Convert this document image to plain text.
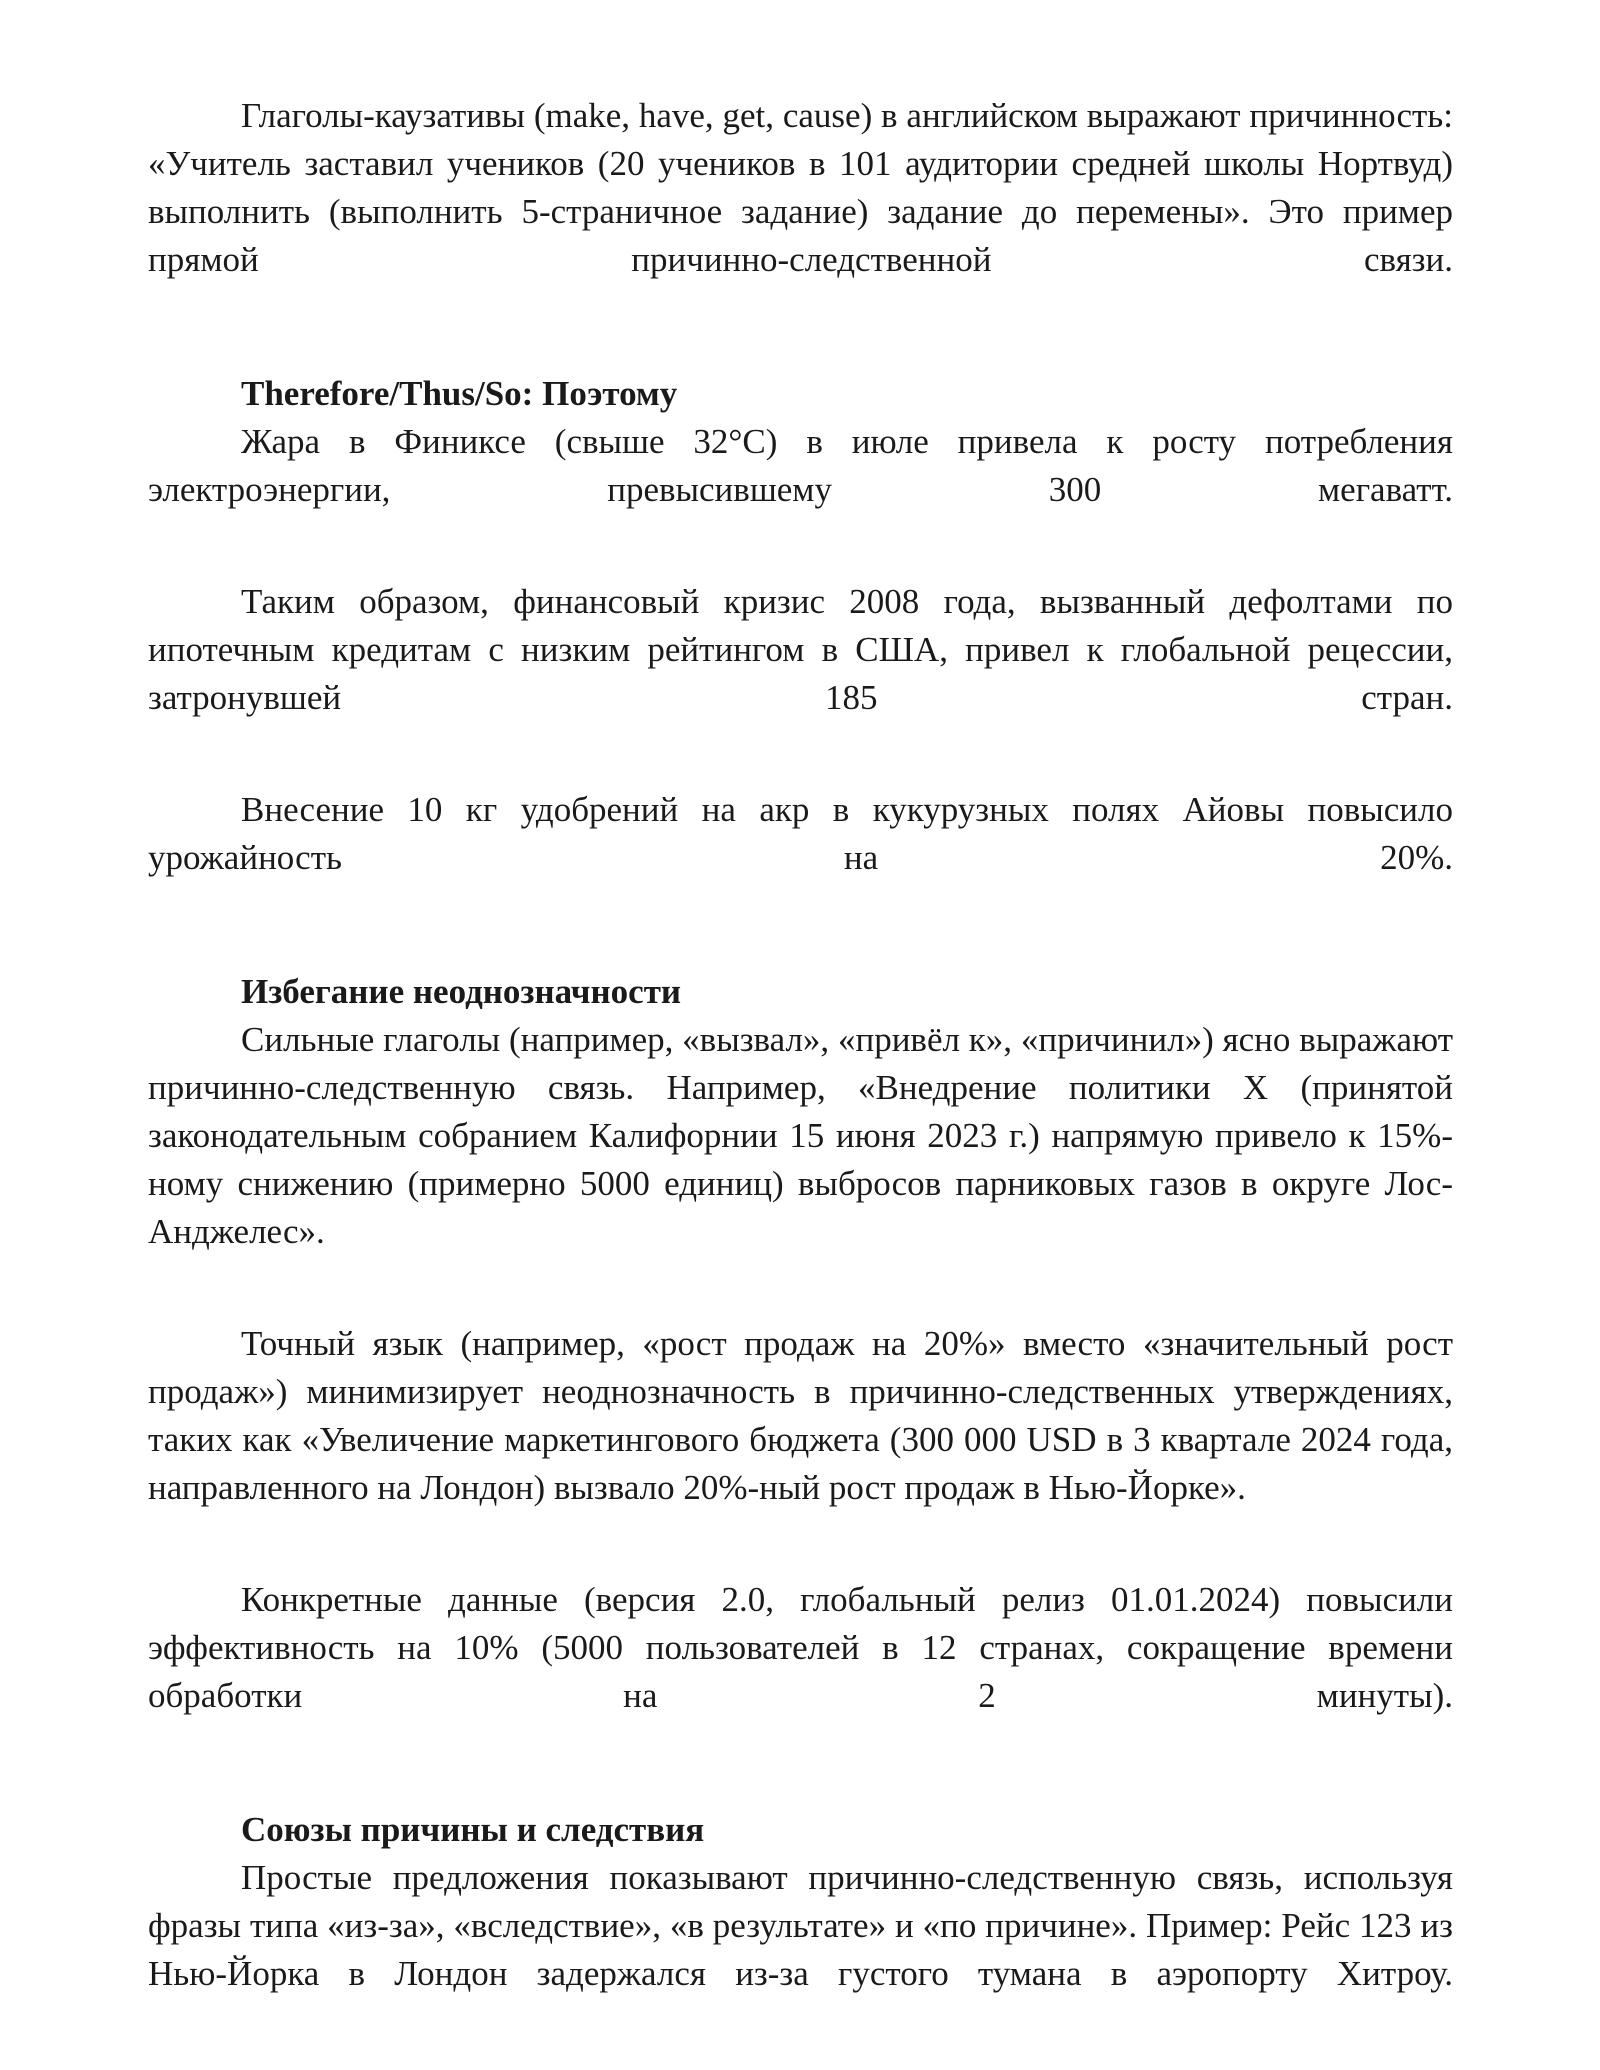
Глаголы-каузативы (make, have, get, cause) в английском выражают причинность: «Учитель заставил учеников (20 учеников в 101 аудитории средней школы Нортвуд) выполнить (выполнить 5-страничное задание) задание до перемены». Это пример прямой причинно-следственной связи.

Therefore/Thus/So: Поэтому

Жара в Финиксе (свыше 32°C) в июле привела к росту потребления электроэнергии, превысившему 300 мегаватт.

Таким образом, финансовый кризис 2008 года, вызванный дефолтами по ипотечным кредитам с низким рейтингом в США, привел к глобальной рецессии, затронувшей 185 стран.

Внесение 10 кг удобрений на акр в кукурузных полях Айовы повысило урожайность на 20%.

Избегание неоднозначности

Сильные глаголы (например, «вызвал», «привёл к», «причинил») ясно выражают причинно-следственную связь. Например, «Внедрение политики X (принятой законодательным собранием Калифорнии 15 июня 2023 г.) напрямую привело к 15%-ному снижению (примерно 5000 единиц) выбросов парниковых газов в округе Лос-Анджелес».

Точный язык (например, «рост продаж на 20%» вместо «значительный рост продаж») минимизирует неоднозначность в причинно-следственных утверждениях, таких как «Увеличение маркетингового бюджета (300 000 USD в 3 квартале 2024 года, направленного на Лондон) вызвало 20%-ный рост продаж в Нью-Йорке».

Конкретные данные (версия 2.0, глобальный релиз 01.01.2024) повысили эффективность на 10% (5000 пользователей в 12 странах, сокращение времени обработки на 2 минуты).

Союзы причины и следствия

Простые предложения показывают причинно-следственную связь, используя фразы типа «из-за», «вследствие», «в результате» и «по причине». Пример: Рейс 123 из Нью-Йорка в Лондон задержался из-за густого тумана в аэропорту Хитроу.
